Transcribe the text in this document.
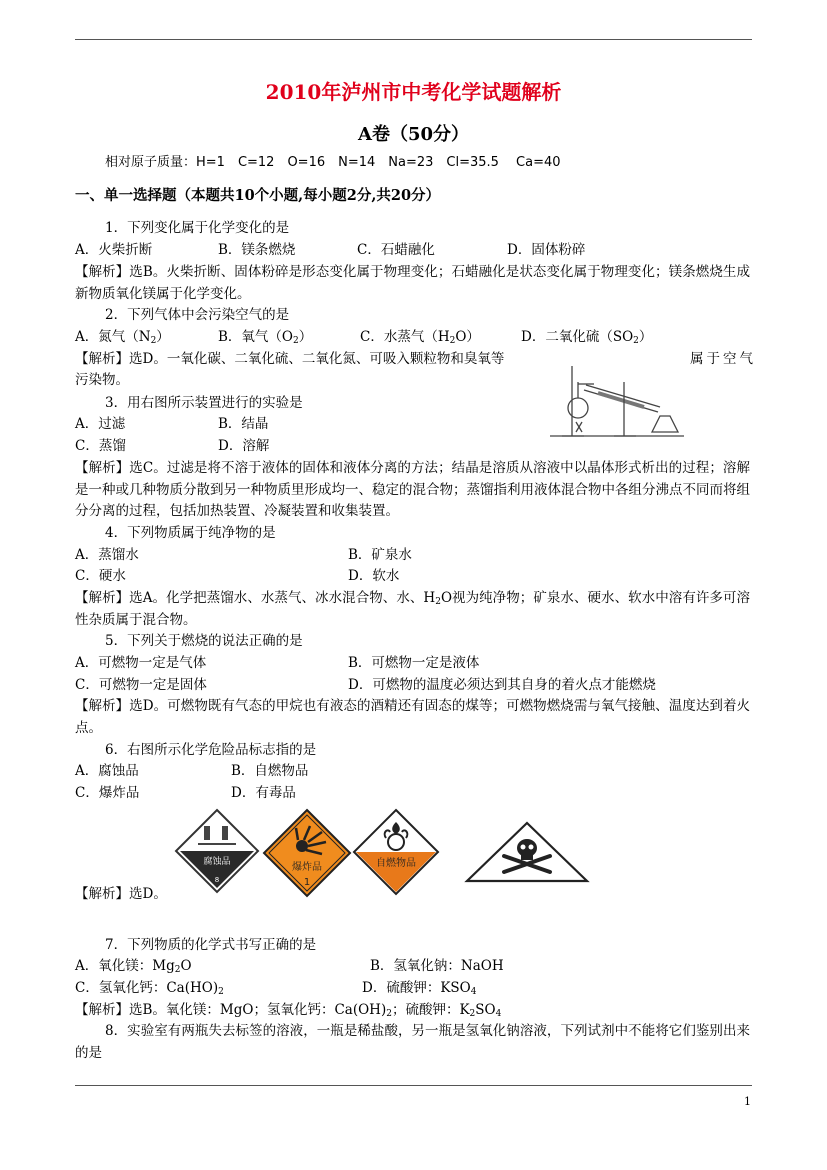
2010年泸州市中考化学试题解析
A卷（50分）
相对原子质量：H=1　C=12　O=16　N=14　Na=23　Cl=35.5　 Ca=40
一、单一选择题（本题共10个小题,每小题2分,共20分）
1．下列变化属于化学变化的是
A．火柴折断	B．镁条燃烧	C．石蜡融化	D．固体粉碎
【解析】选B。火柴折断、固体粉碎是形态变化属于物理变化；石蜡融化是状态变化属于物理变化；镁条燃烧生成新物质氧化镁属于化学变化。
2．下列气体中会污染空气的是
A．氮气$(N_2)$	B．氧气$(O_2)$	C．水蒸气$(H_2O)$	D．二氧化硫$(SO_2)$
【解析】选D。一氧化碳、二氧化硫、二氧化氮、可吸入颗粒物和臭氧等	属于空气
污染物。
3．用右图所示装置进行的实验是
A．过滤	B．结晶
C．蒸馏	D．溶解
【解析】选C。过滤是将不溶于液体的固体和液体分离的方法；结晶是溶质从溶液中以晶体形式析出的过程；溶解是一种或几种物质分散到另一种物质里形成均一、稳定的混合物；蒸馏指利用液体混合物中各组分沸点不同而将组分分离的过程，包括加热装置、冷凝装置和收集装置。
4．下列物质属于纯净物的是
A．蒸馏水	B．矿泉水
C．硬水	D．软水
【解析】选A。化学把蒸馏水、水蒸气、冰水混合物、水、$H_2O$视为纯净物；矿泉水、硬水、软水中溶有许多可溶性杂质属于混合物。
5．下列关于燃烧的说法正确的是
A．可燃物一定是气体	B．可燃物一定是液体
C．可燃物一定是固体	D．可燃物的温度必须达到其自身的着火点才能燃烧
【解析】选D。可燃物既有气态的甲烷也有液态的酒精还有固态的煤等；可燃物燃烧需与氧气接触、温度达到着火点。
6．右图所示化学危险品标志指的是
A．腐蚀品	B．自燃物品
C．爆炸品	D．有毒品
腐蚀品
8
爆炸品
1
自燃物品
【解析】选D。
7．下列物质的化学式书写正确的是
A．氧化镁：$Mg_2O$	B．氢氧化钠：NaOH
C．氢氧化钙：$Ca(HO)_2$	D．硫酸钾：$KSO_4$
【解析】选B。氧化镁：MgO；氢氧化钙：$Ca(OH)_2$；硫酸钾：$K_2SO_4$
8．实验室有两瓶失去标签的溶液，一瓶是稀盐酸，另一瓶是氢氧化钠溶液，下列试剂中不能将它们鉴别出来的是
1
